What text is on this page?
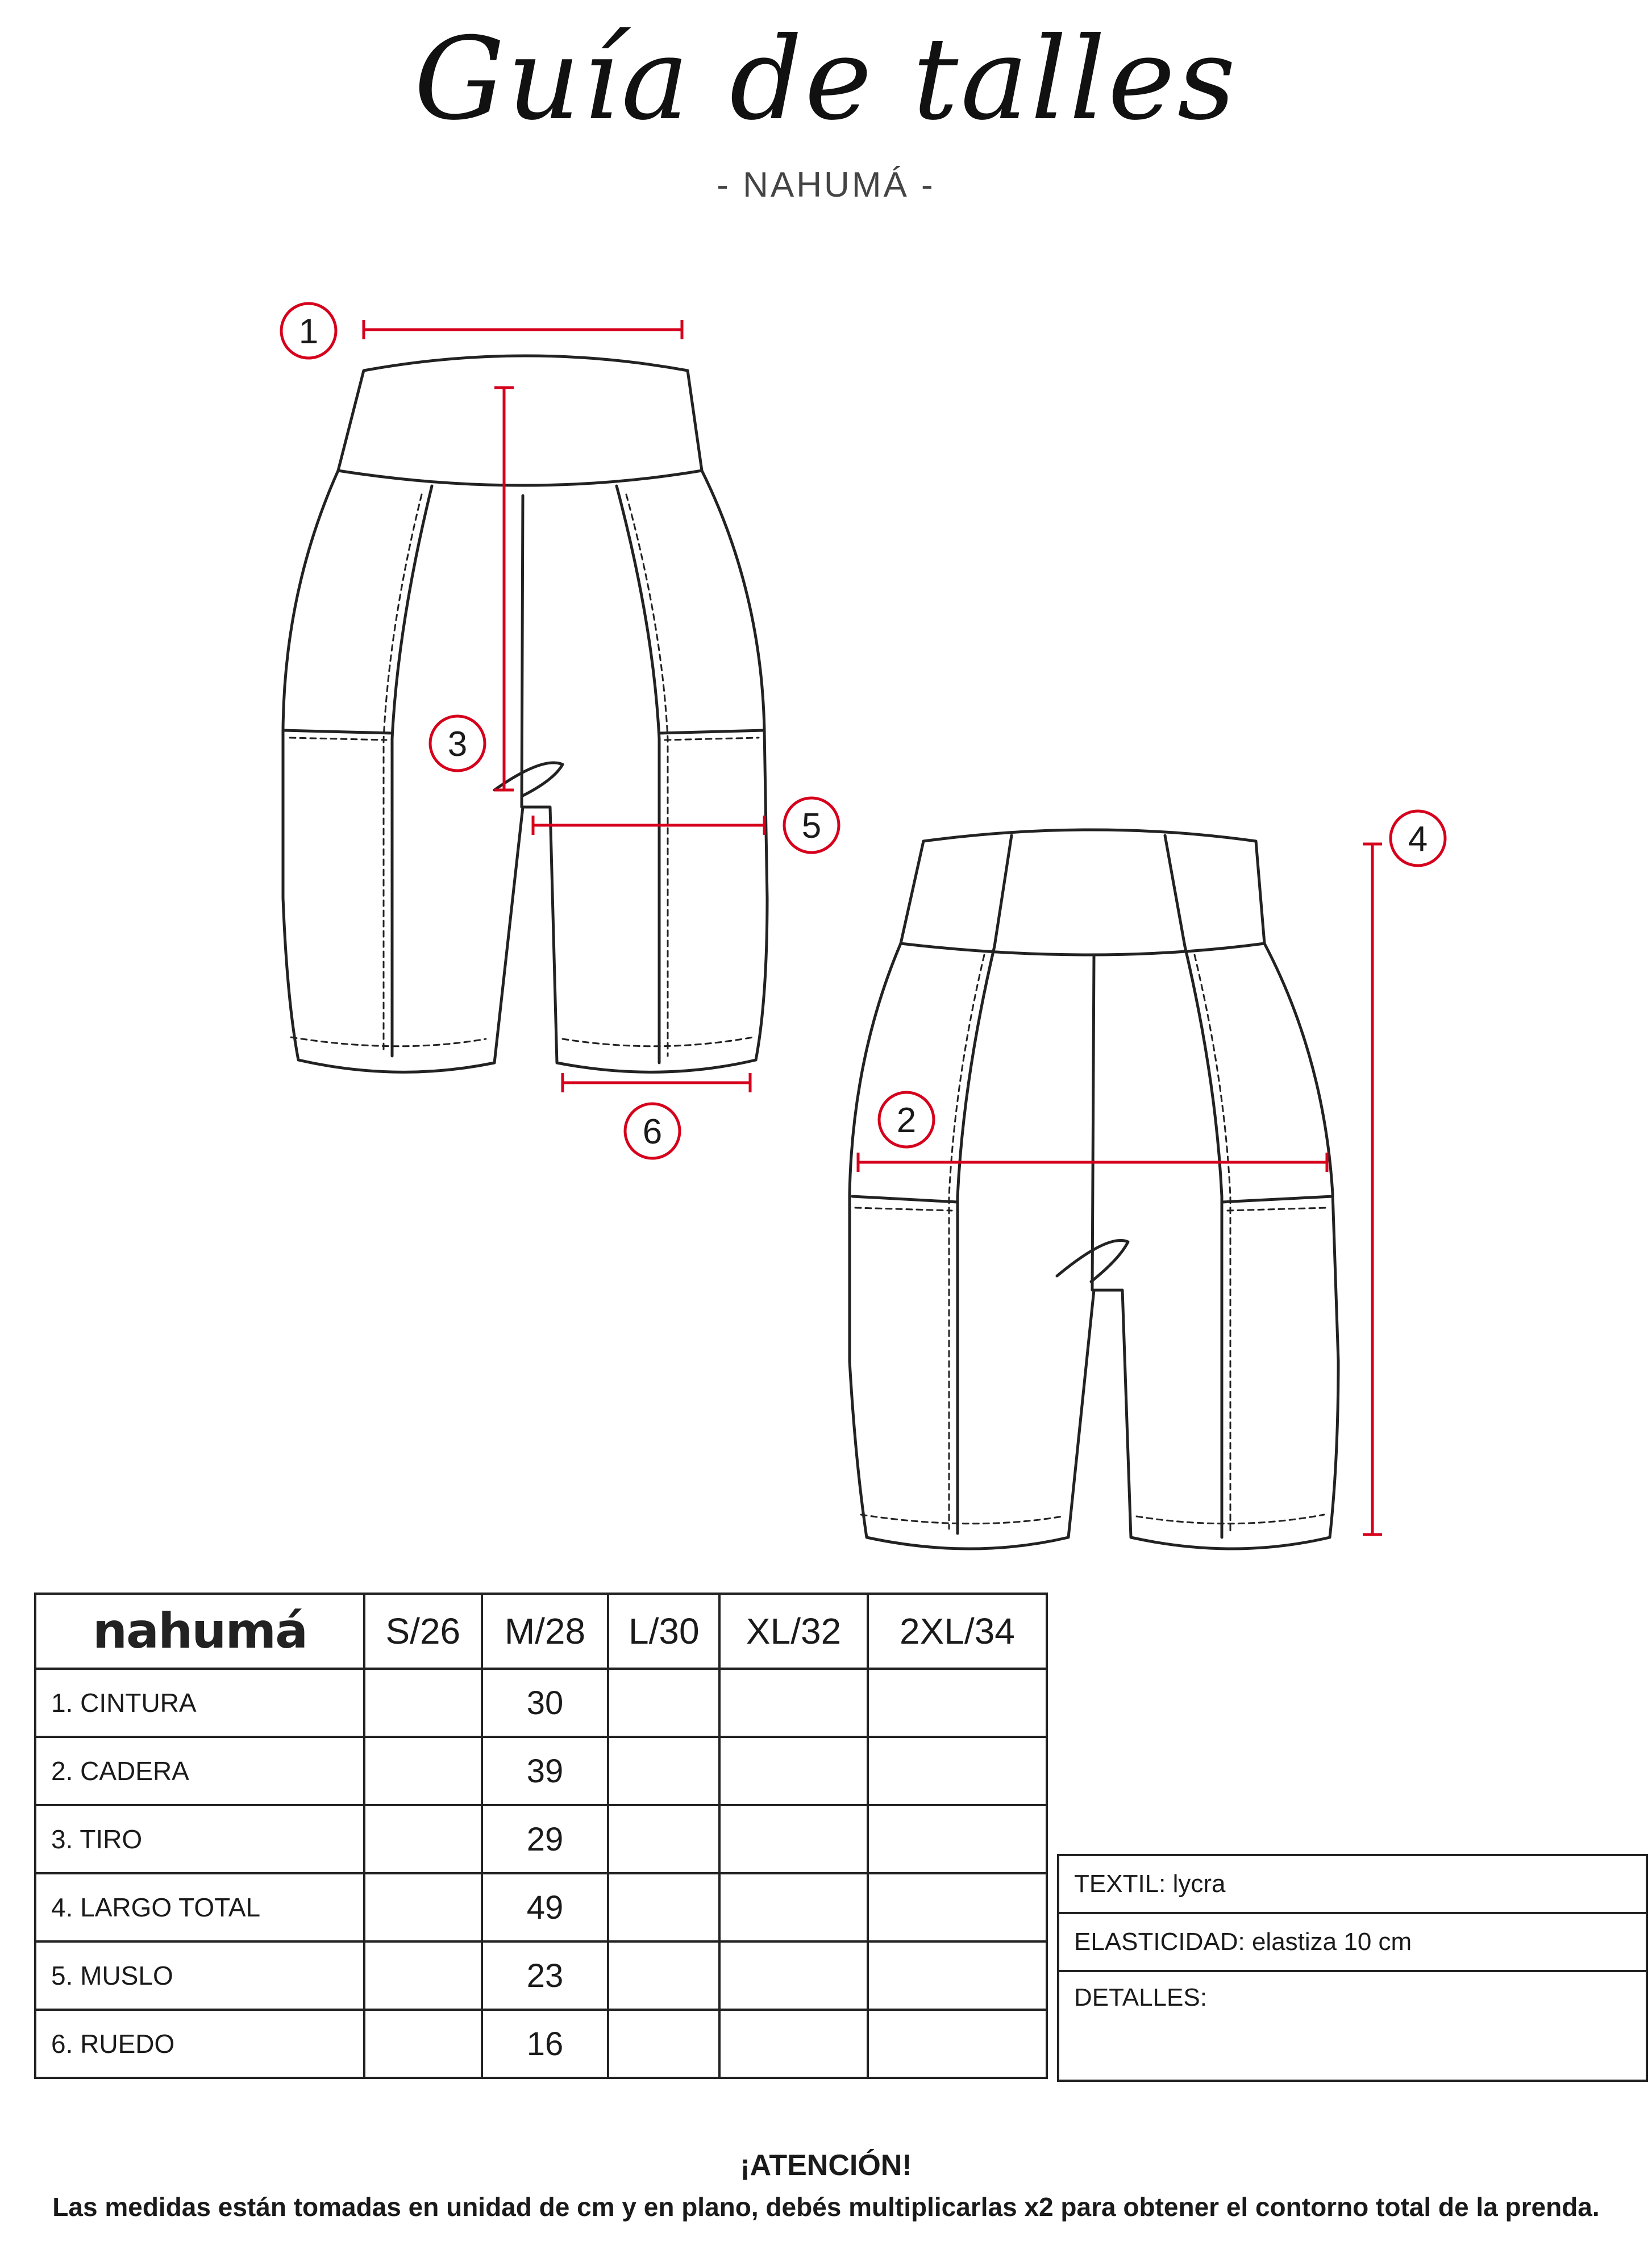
Guía de talles
- NAHUMÁ -
1
2
3
4
5
6
nahumá	S/26	M/28	L/30	XL/32	2XL/34
1. CINTURA		30			
2. CADERA		39			
3. TIRO		29			
4. LARGO TOTAL		49			
5. MUSLO		23			
6. RUEDO		16			
TEXTIL: lycra
ELASTICIDAD: elastiza 10 cm
DETALLES:
¡ATENCIÓN!
Las medidas están tomadas en unidad de cm y en plano, debés multiplicarlas x2 para obtener el contorno total de la prenda.
